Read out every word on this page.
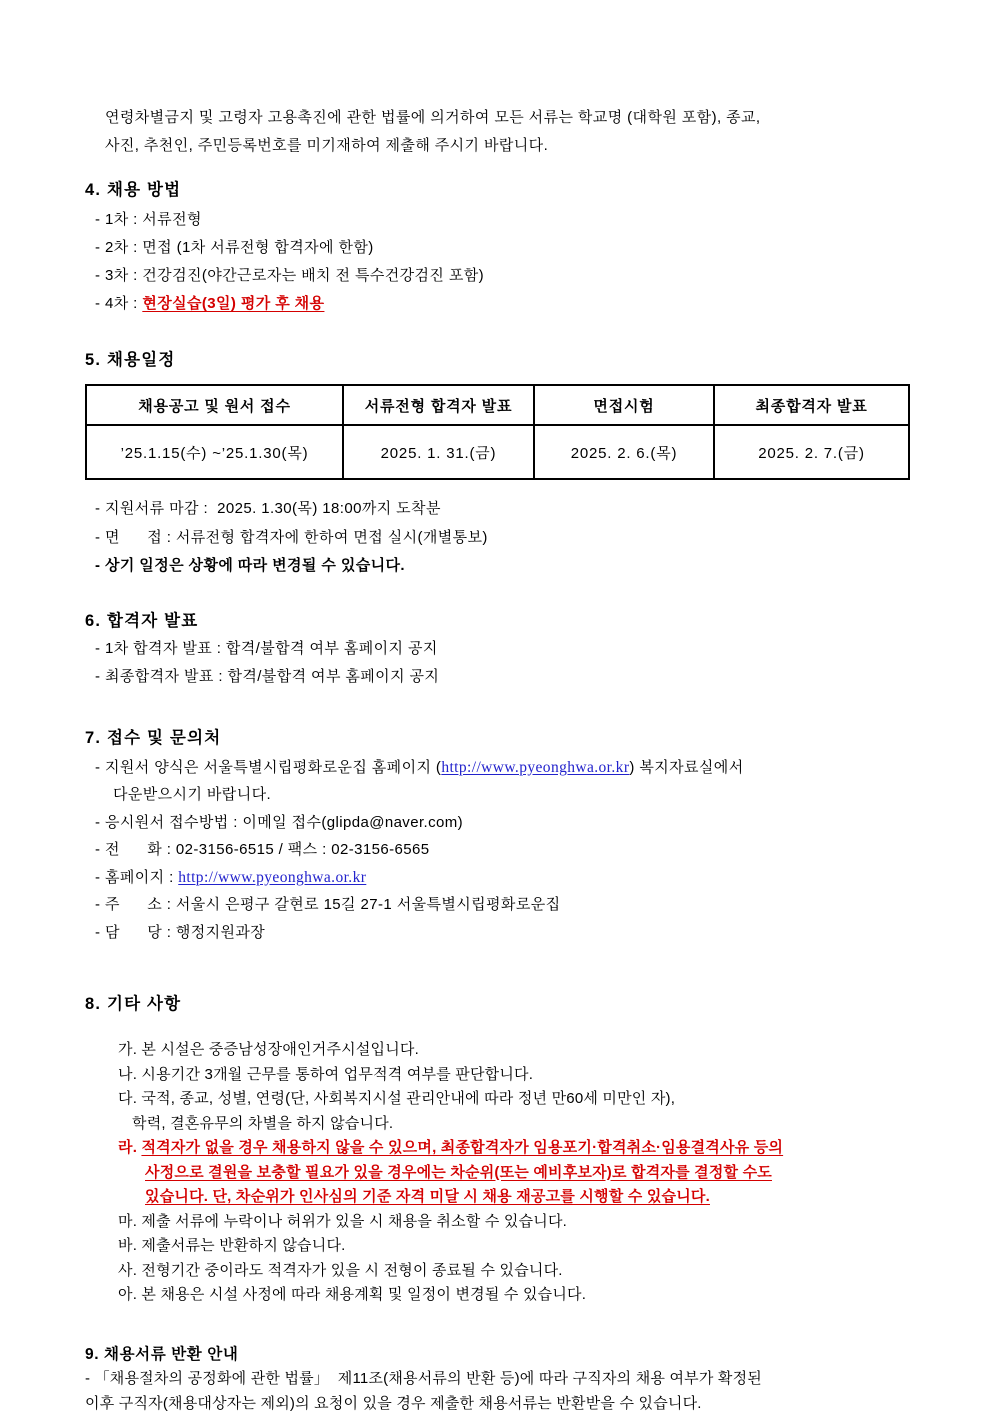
연령차별금지 및 고령자 고용촉진에 관한 법률에 의거하여 모든 서류는 학교명 (대학원 포함), 종교,
사진, 추천인, 주민등록번호를 미기재하여 제출해 주시기 바랍니다.
4. 채용 방법
- 1차 : 서류전형
- 2차 : 면접 (1차 서류전형 합격자에 한함)
- 3차 : 건강검진(야간근로자는 배치 전 특수건강검진 포함)
- 4차 : 현장실습(3일) 평가 후 채용
5. 채용일정
채용공고 및 원서 접수	서류전형 합격자 발표	면접시험	최종합격자 발표
’25.1.15(수) ~’25.1.30(목)	2025. 1. 31.(금)	2025. 2. 6.(목)	2025. 2. 7.(금)
- 지원서류 마감 :  2025. 1.30(목) 18:00까지 도착분
- 면      접 : 서류전형 합격자에 한하여 면접 실시(개별통보)
- 상기 일정은 상황에 따라 변경될 수 있습니다.
6. 합격자 발표
- 1차 합격자 발표 : 합격/불합격 여부 홈페이지 공지
- 최종합격자 발표 : 합격/불합격 여부 홈페이지 공지
7. 접수 및 문의처
- 지원서 양식은 서울특별시립평화로운집 홈페이지 (http://www.pyeonghwa.or.kr) 복지자료실에서
다운받으시기 바랍니다.
- 응시원서 접수방법 : 이메일 접수(glipda@naver.com)
- 전      화 : 02-3156-6515 / 팩스 : 02-3156-6565
- 홈페이지 : http://www.pyeonghwa.or.kr
- 주      소 : 서울시 은평구 갈현로 15길 27-1 서울특별시립평화로운집
- 담      당 : 행정지원과장
8. 기타 사항
가. 본 시설은 중증남성장애인거주시설입니다.
나. 시용기간 3개월 근무를 통하여 업무적격 여부를 판단합니다.
다. 국적, 종교, 성별, 연령(단, 사회복지시설 관리안내에 따라 정년 만60세 미만인 자),
학력, 결혼유무의 차별을 하지 않습니다.
라. 적격자가 없을 경우 채용하지 않을 수 있으며, 최종합격자가 임용포기·합격취소·임용결격사유 등의
사정으로 결원을 보충할 필요가 있을 경우에는 차순위(또는 예비후보자)로 합격자를 결정할 수도
있습니다. 단, 차순위가 인사심의 기준 자격 미달 시 채용 재공고를 시행할 수 있습니다.
마. 제출 서류에 누락이나 허위가 있을 시 채용을 취소할 수 있습니다.
바. 제출서류는 반환하지 않습니다.
사. 전형기간 중이라도 적격자가 있을 시 전형이 종료될 수 있습니다.
아. 본 채용은 시설 사정에 따라 채용계획 및 일정이 변경될 수 있습니다.
9. 채용서류 반환 안내
- 「채용절차의 공정화에 관한 법률」  제11조(채용서류의 반환 등)에 따라 구직자의 채용 여부가 확정된
이후 구직자(채용대상자는 제외)의 요청이 있을 경우 제출한 채용서류는 반환받을 수 있습니다.
